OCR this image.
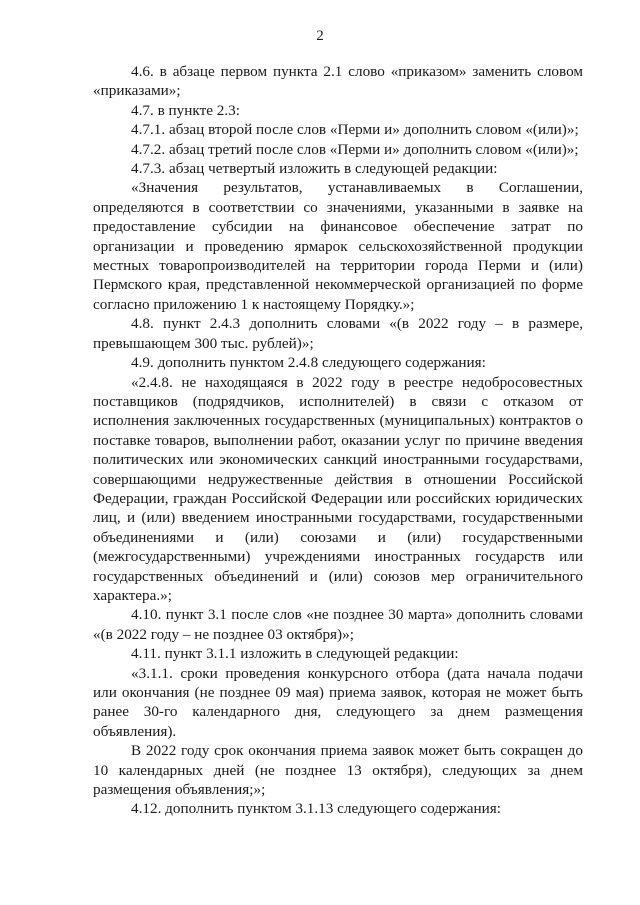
2

4.6. в абзаце первом пункта 2.1 слово «приказом» заменить словом «приказами»;

4.7. в пункте 2.3:

4.7.1. абзац второй после слов «Перми и» дополнить словом «(или)»;

4.7.2. абзац третий после слов «Перми и» дополнить словом «(или)»;

4.7.3. абзац четвертый изложить в следующей редакции:

«Значения результатов, устанавливаемых в Соглашении, определяются в соответствии со значениями, указанными в заявке на предоставление субсидии на финансовое обеспечение затрат по организации и проведению ярмарок сельскохозяйственной продукции местных товаропроизводителей на территории города Перми и (или) Пермского края, представленной некоммерческой организацией по форме согласно приложению 1 к настоящему Порядку.»;

4.8. пункт 2.4.3 дополнить словами «(в 2022 году – в размере, превышающем 300 тыс. рублей)»;

4.9. дополнить пунктом 2.4.8 следующего содержания:

«2.4.8. не находящаяся в 2022 году в реестре недобросовестных поставщиков (подрядчиков, исполнителей) в связи с отказом от исполнения заключенных государственных (муниципальных) контрактов о поставке товаров, выполнении работ, оказании услуг по причине введения политических или экономических санкций иностранными государствами, совершающими недружественные действия в отношении Российской Федерации, граждан Российской Федерации или российских юридических лиц, и (или) введением иностранными государствами, государственными объединениями и (или) союзами и (или) государственными (межгосударственными) учреждениями иностранных государств или государственных объединений и (или) союзов мер ограничительного характера.»;

4.10. пункт 3.1 после слов «не позднее 30 марта» дополнить словами «(в 2022 году – не позднее 03 октября)»;

4.11. пункт 3.1.1 изложить в следующей редакции:

«3.1.1. сроки проведения конкурсного отбора (дата начала подачи или окончания (не позднее 09 мая) приема заявок, которая не может быть ранее 30-го календарного дня, следующего за днем размещения объявления).

В 2022 году срок окончания приема заявок может быть сокращен до 10 календарных дней (не позднее 13 октября), следующих за днем размещения объявления;»;

4.12. дополнить пунктом 3.1.13 следующего содержания:
